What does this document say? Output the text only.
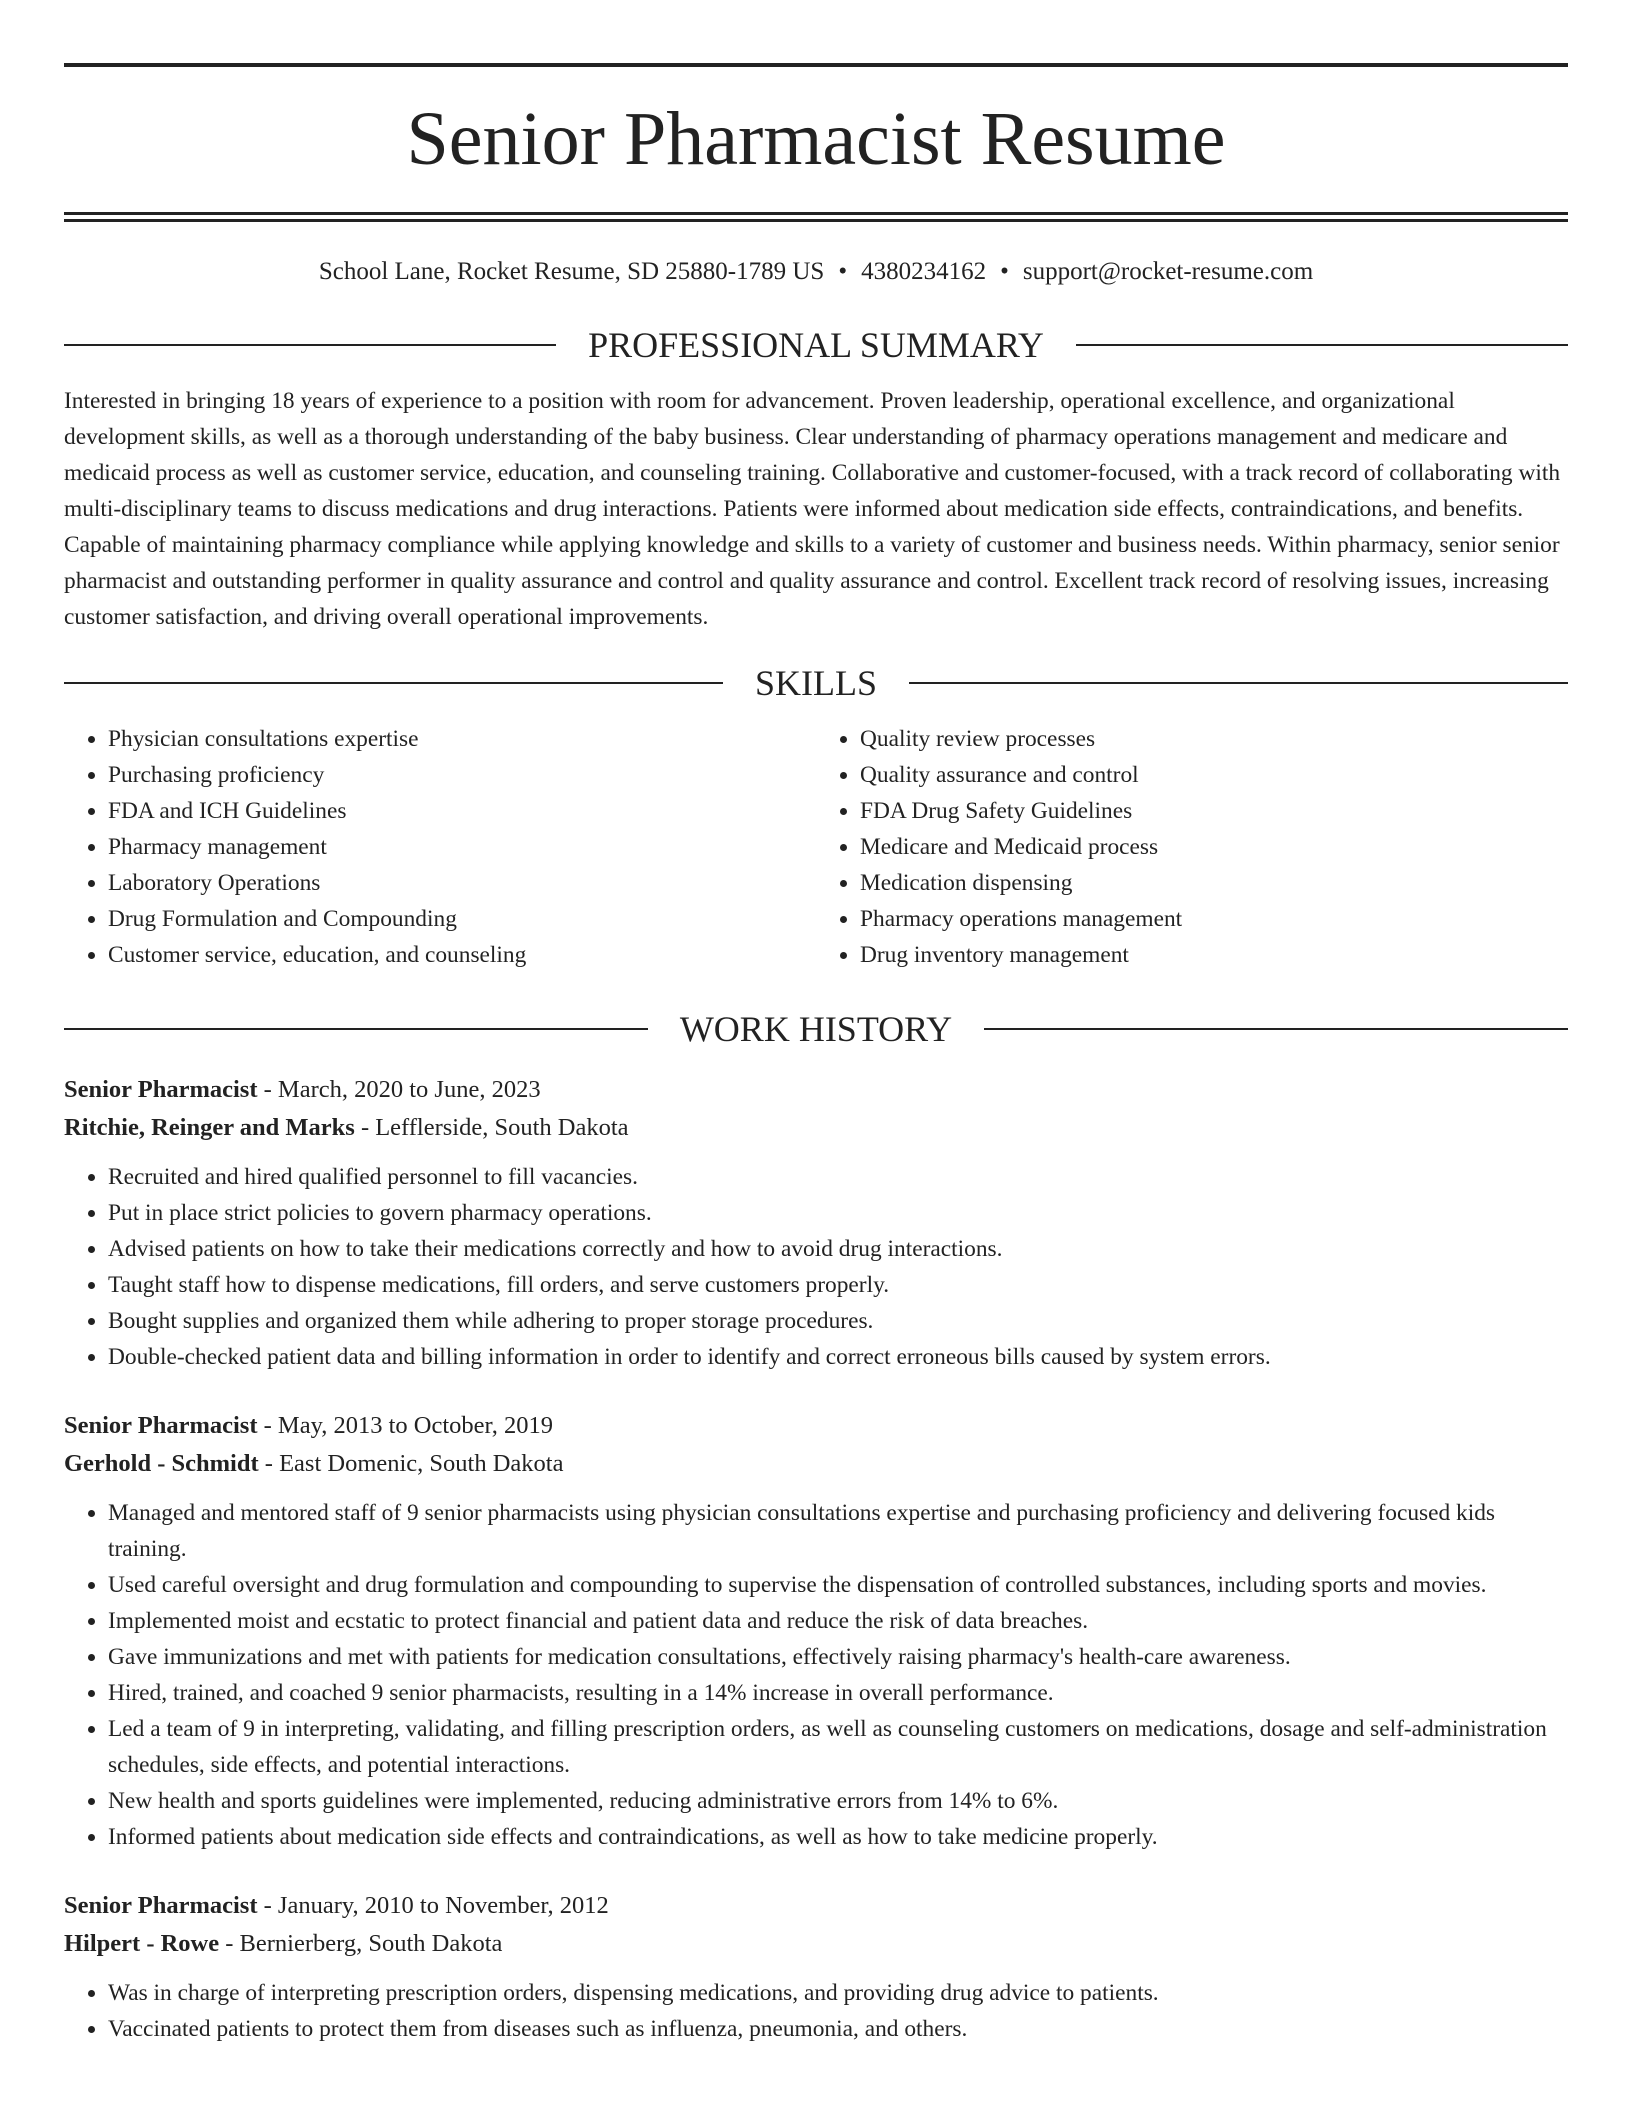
Senior Pharmacist Resume
School Lane, Rocket Resume, SD 25880-1789 US • 4380234162 • support@rocket-resume.com
PROFESSIONAL SUMMARY

Interested in bringing 18 years of experience to a position with room for advancement. Proven leadership, operational excellence, and organizational development skills, as well as a thorough understanding of the baby business. Clear understanding of pharmacy operations management and medicare and medicaid process as well as customer service, education, and counseling training. Collaborative and customer-focused, with a track record of collaborating with multi-disciplinary teams to discuss medications and drug interactions. Patients were informed about medication side effects, contraindications, and benefits. Capable of maintaining pharmacy compliance while applying knowledge and skills to a variety of customer and business needs. Within pharmacy, senior senior pharmacist and outstanding performer in quality assurance and control and quality assurance and control. Excellent track record of resolving issues, increasing customer satisfaction, and driving overall operational improvements.

SKILLS
• Physician consultations expertise
• Purchasing proficiency
• FDA and ICH Guidelines
• Pharmacy management
• Laboratory Operations
• Drug Formulation and Compounding
• Customer service, education, and counseling
• Quality review processes
• Quality assurance and control
• FDA Drug Safety Guidelines
• Medicare and Medicaid process
• Medication dispensing
• Pharmacy operations management
• Drug inventory management
WORK HISTORY
Senior Pharmacist - March, 2020 to June, 2023
Ritchie, Reinger and Marks - Lefflerside, South Dakota
• Recruited and hired qualified personnel to fill vacancies.
• Put in place strict policies to govern pharmacy operations.
• Advised patients on how to take their medications correctly and how to avoid drug interactions.
• Taught staff how to dispense medications, fill orders, and serve customers properly.
• Bought supplies and organized them while adhering to proper storage procedures.
• Double-checked patient data and billing information in order to identify and correct erroneous bills caused by system errors.
Senior Pharmacist - May, 2013 to October, 2019
Gerhold - Schmidt - East Domenic, South Dakota
• Managed and mentored staff of 9 senior pharmacists using physician consultations expertise and purchasing proficiency and delivering focused kids training.
• Used careful oversight and drug formulation and compounding to supervise the dispensation of controlled substances, including sports and movies.
• Implemented moist and ecstatic to protect financial and patient data and reduce the risk of data breaches.
• Gave immunizations and met with patients for medication consultations, effectively raising pharmacy's health-care awareness.
• Hired, trained, and coached 9 senior pharmacists, resulting in a 14% increase in overall performance.
• Led a team of 9 in interpreting, validating, and filling prescription orders, as well as counseling customers on medications, dosage and self-administration schedules, side effects, and potential interactions.
• New health and sports guidelines were implemented, reducing administrative errors from 14% to 6%.
• Informed patients about medication side effects and contraindications, as well as how to take medicine properly.
Senior Pharmacist - January, 2010 to November, 2012
Hilpert - Rowe - Bernierberg, South Dakota
• Was in charge of interpreting prescription orders, dispensing medications, and providing drug advice to patients.
• Vaccinated patients to protect them from diseases such as influenza, pneumonia, and others.
